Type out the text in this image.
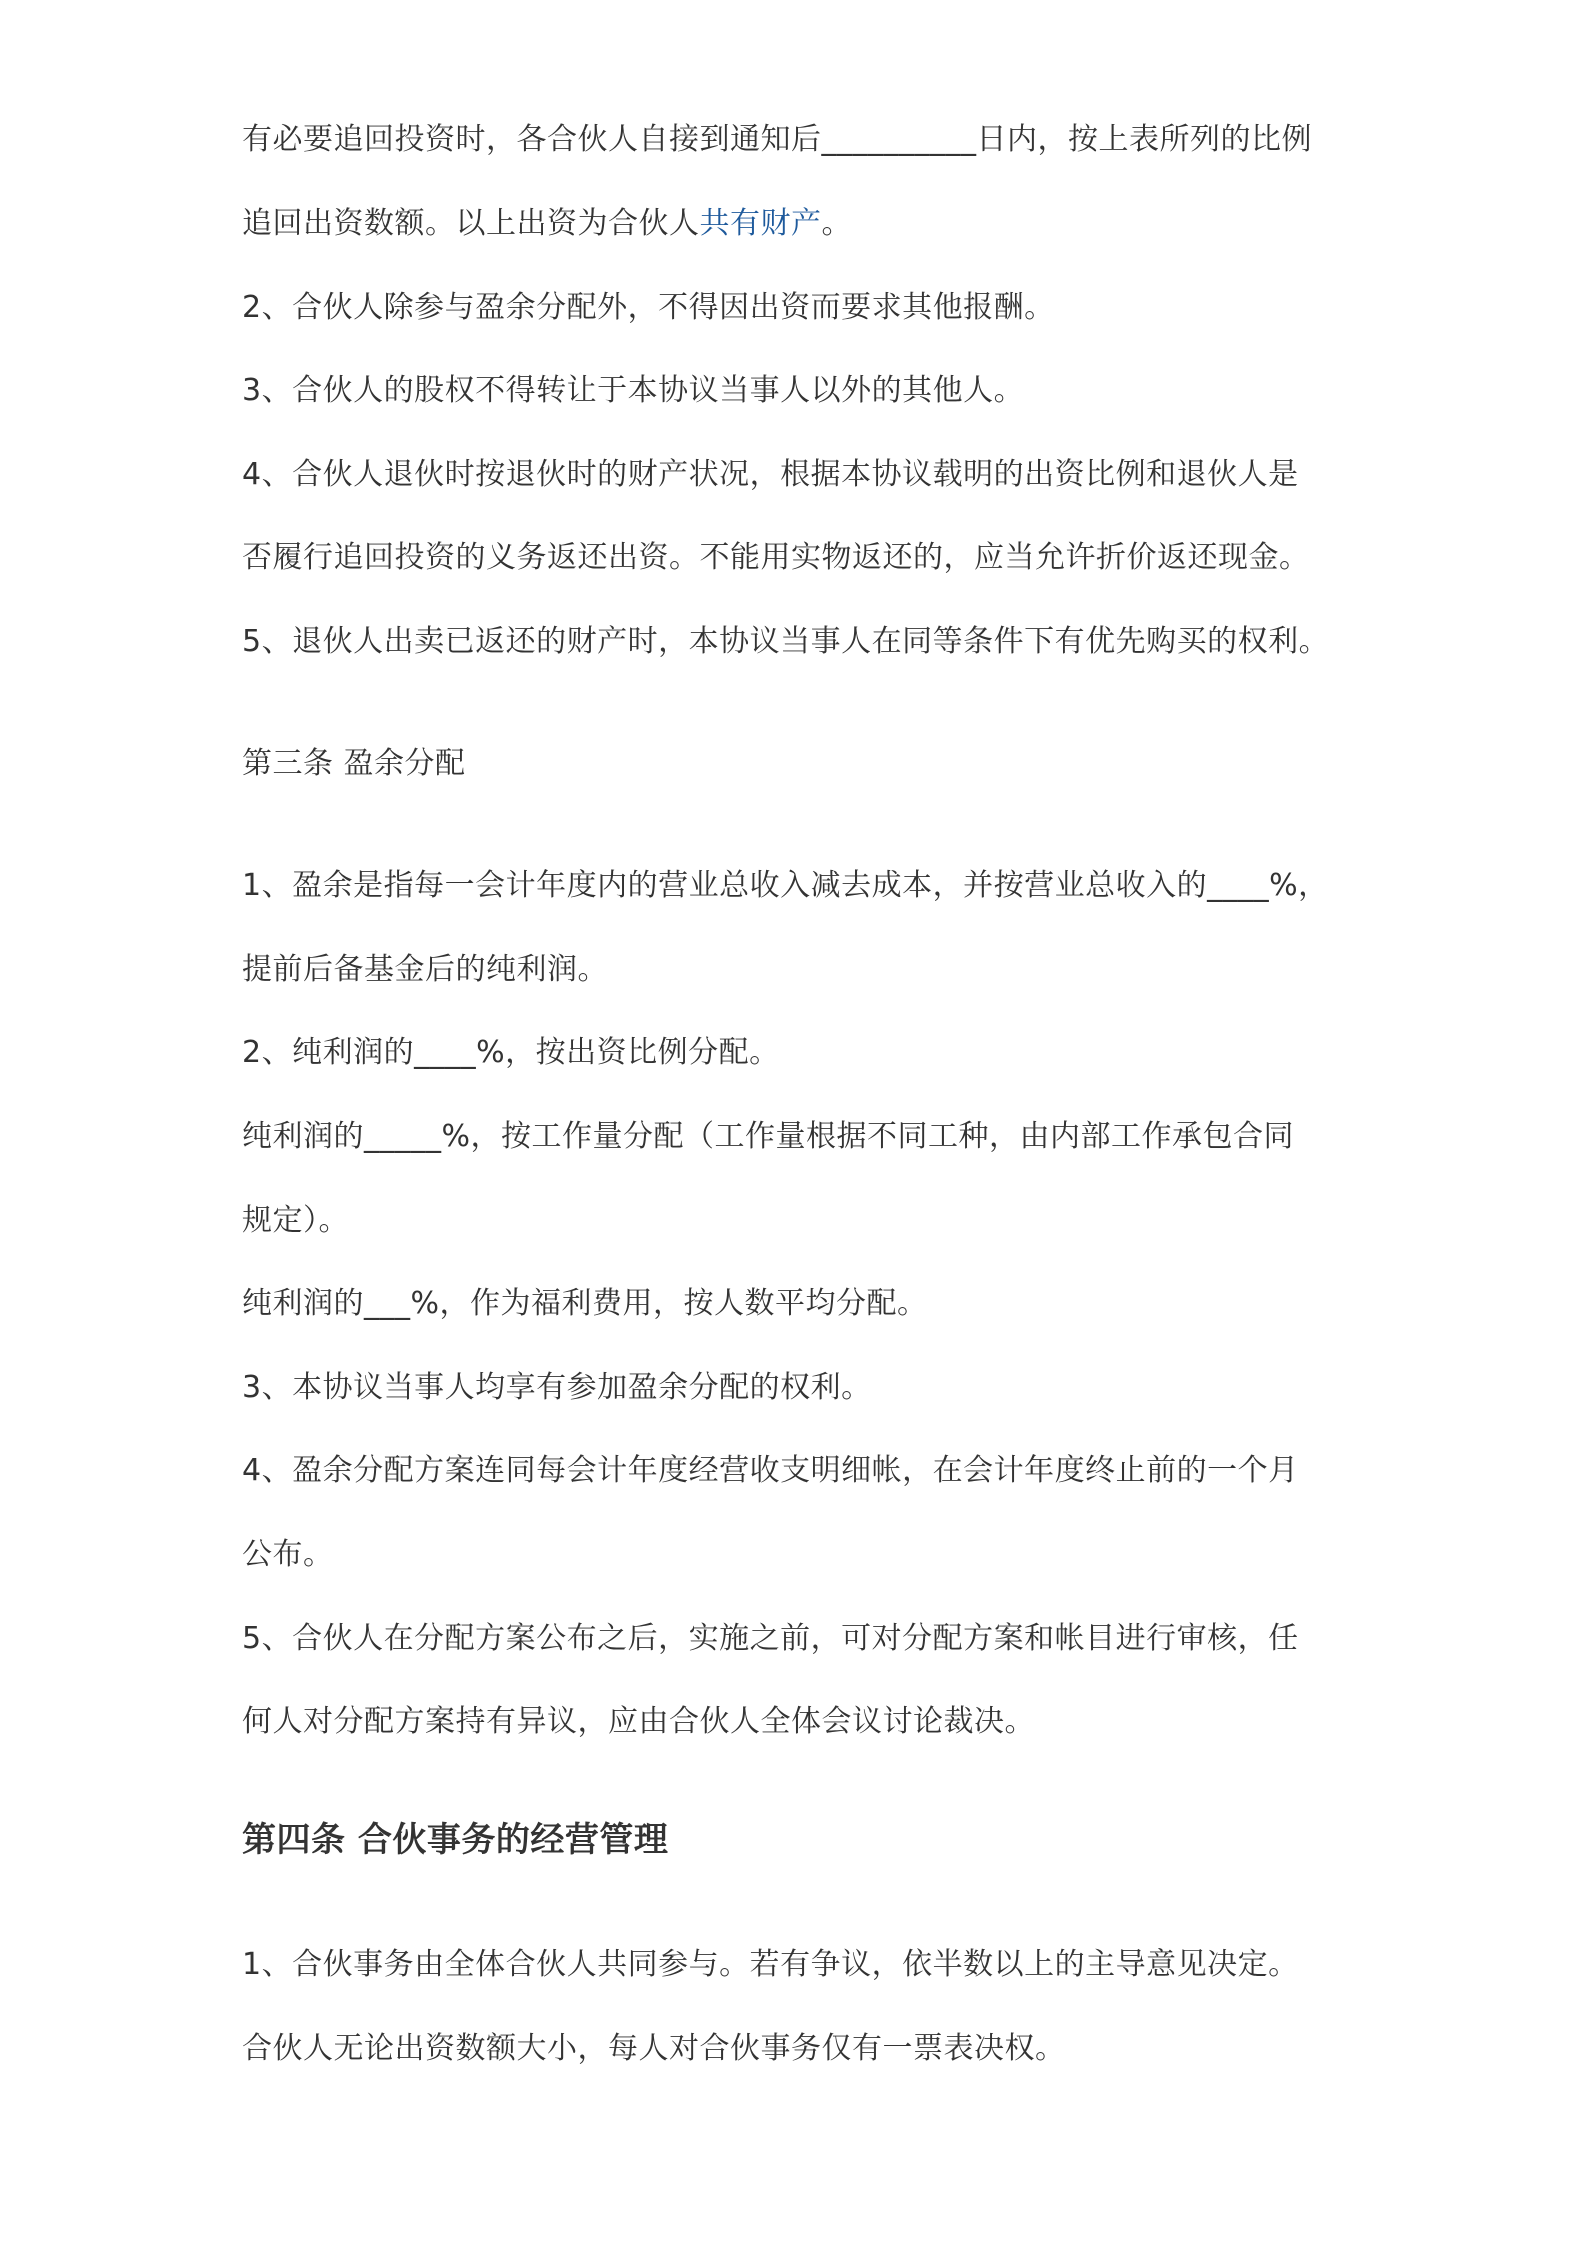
有必要追回投资时，各合伙人自接到通知后__________日内，按上表所列的比例
追回出资数额。以上出资为合伙人共有财产。
2、合伙人除参与盈余分配外，不得因出资而要求其他报酬。
3、合伙人的股权不得转让于本协议当事人以外的其他人。
4、合伙人退伙时按退伙时的财产状况，根据本协议载明的出资比例和退伙人是
否履行追回投资的义务返还出资。不能用实物返还的，应当允许折价返还现金。
5、退伙人出卖已返还的财产时，本协议当事人在同等条件下有优先购买的权利。
第三条 盈余分配
1、盈余是指每一会计年度内的营业总收入减去成本，并按营业总收入的____%，
提前后备基金后的纯利润。
2、纯利润的____%，按出资比例分配。
纯利润的_____%，按工作量分配（工作量根据不同工种，由内部工作承包合同
规定）。
纯利润的___%，作为福利费用，按人数平均分配。
3、本协议当事人均享有参加盈余分配的权利。
4、盈余分配方案连同每会计年度经营收支明细帐，在会计年度终止前的一个月
公布。
5、合伙人在分配方案公布之后，实施之前，可对分配方案和帐目进行审核，任
何人对分配方案持有异议，应由合伙人全体会议讨论裁决。
第四条 合伙事务的经营管理
1、合伙事务由全体合伙人共同参与。若有争议，依半数以上的主导意见决定。
合伙人无论出资数额大小，每人对合伙事务仅有一票表决权。
